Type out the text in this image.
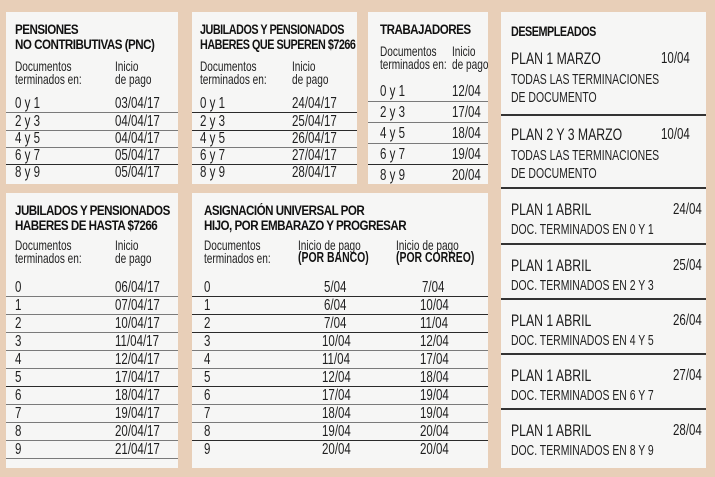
PENSIONES
NO CONTRIBUTIVAS (PNC)
Documentos
terminados en:
Inicio
de pago
0 y 1	03/04/17
2 y 3	04/04/17
4 y 5	04/04/17
6 y 7	05/04/17
8 y 9	05/04/17
JUBILADOS Y PENSIONADOS
HABERES QUE SUPEREN $7266
Documentos
terminados en:
Inicio
de pago
0 y 1	24/04/17
2 y 3	25/04/17
4 y 5	26/04/17
6 y 7	27/04/17
8 y 9	28/04/17
TRABAJADORES
Documentos
terminados en:
Inicio
de pago
0 y 1	12/04
2 y 3	17/04
4 y 5	18/04
6 y 7	19/04
8 y 9	20/04
DESEMPLEADOS
PLAN 1 MARZO	10/04
TODAS LAS TERMINACIONES
DE DOCUMENTO
PLAN 2 Y 3 MARZO 10/04
TODAS LAS TERMINACIONES
DE DOCUMENTO
PLAN 1 ABRIL	24/04
DOC. TERMINADOS EN 0 Y 1
PLAN 1 ABRIL	25/04
DOC. TERMINADOS EN 2 Y 3
PLAN 1 ABRIL	26/04
DOC. TERMINADOS EN 4 Y 5
PLAN 1 ABRIL	27/04
DOC. TERMINADOS EN 6 Y 7
PLAN 1 ABRIL	28/04
DOC. TERMINADOS EN 8 Y 9
JUBILADOS Y PENSIONADOS
HABERES DE HASTA $7266
Documentos
terminados en:
Inicio
de pago
0	06/04/17
1	07/04/17
2	10/04/17
3	11/04/17
4	12/04/17
5	17/04/17
6	18/04/17
7	19/04/17
8	20/04/17
9	21/04/17
ASIGNACIÓN UNIVERSAL POR
HIJO, POR EMBARAZO Y PROGRESAR
Documentos
terminados en:
Inicio de pago
(POR BANCO)
Inicio de pago
(POR CORREO)
0	5/04	7/04
1	6/04	10/04
2	7/04	11/04
3	10/04	12/04
4	11/04	17/04
5	12/04	18/04
6	17/04	19/04
7	18/04	19/04
8	19/04	20/04
9	20/04	20/04
